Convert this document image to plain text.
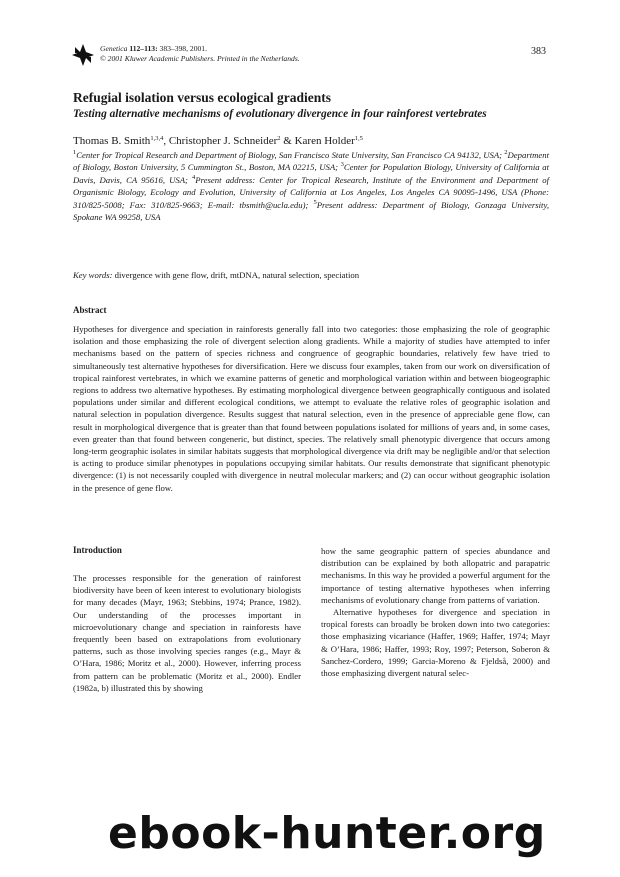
Genetica 112–113: 383–398, 2001.
© 2001 Kluwer Academic Publishers. Printed in the Netherlands.
383
Refugial isolation versus ecological gradients
Testing alternative mechanisms of evolutionary divergence in four rainforest vertebrates
Thomas B. Smith$^{1,3,4}$, Christopher J. Schneider$^2$ & Karen Holder$^{1,5}$
$^1$Center for Tropical Research and Department of Biology, San Francisco State University, San Francisco CA 94132, USA; $^2$Department of Biology, Boston University, 5 Cummington St., Boston, MA 02215, USA; $^3$Center for Population Biology, University of California at Davis, Davis, CA 95616, USA; $^4$Present address: Center for Tropical Research, Institute of the Environment and Department of Organismic Biology, Ecology and Evolution, University of California at Los Angeles, Los Angeles CA 90095-1496, USA (Phone: 310/825-5008; Fax: 310/825-9663; E-mail: tbsmith@ucla.edu); $^5$Present address: Department of Biology, Gonzaga University, Spokane WA 99258, USA
Key words: divergence with gene flow, drift, mtDNA, natural selection, speciation
Abstract

Hypotheses for divergence and speciation in rainforests generally fall into two categories: those emphasizing the role of geographic isolation and those emphasizing the role of divergent selection along gradients. While a majority of studies have attempted to infer mechanisms based on the pattern of species richness and congruence of geographic boundaries, relatively few have tried to simultaneously test alternative hypotheses for diversification. Here we discuss four examples, taken from our work on diversification of tropical rainforest vertebrates, in which we examine patterns of genetic and morphological variation within and between biogeographic regions to address two alternative hypotheses. By estimating morphological divergence between geographically contiguous and isolated populations under similar and different ecological conditions, we attempt to evaluate the relative roles of geographic isolation and natural selection in population divergence. Results suggest that natural selection, even in the presence of appreciable gene flow, can result in morphological divergence that is greater than that found between populations isolated for millions of years and, in some cases, even greater than that found between congeneric, but distinct, species. The relatively small phenotypic divergence that occurs among long-term geographic isolates in similar habitats suggests that morphological divergence via drift may be negligible and/or that selection is acting to produce similar phenotypes in populations occupying similar habitats. Our results demonstrate that significant phenotypic divergence: (1) is not necessarily coupled with divergence in neutral molecular markers; and (2) can occur without geographic isolation in the presence of gene flow.

Introduction

The processes responsible for the generation of rainforest biodiversity have been of keen interest to evolutionary biologists for many decades (Mayr, 1963; Stebbins, 1974; Prance, 1982). Our understanding of the processes important in microevolutionary change and speciation in rainforests have frequently been based on extrapolations from evolutionary patterns, such as those involving species ranges (e.g., Mayr & O’Hara, 1986; Moritz et al., 2000). However, inferring process from pattern can be problematic (Moritz et al., 2000). Endler (1982a, b) illustrated this by showing

how the same geographic pattern of species abundance and distribution can be explained by both allopatric and parapatric mechanisms. In this way he provided a powerful argument for the importance of testing alternative hypotheses when inferring mechanisms of evolutionary change from patterns of variation.

Alternative hypotheses for divergence and speciation in tropical forests can broadly be broken down into two categories: those emphasizing vicariance (Haffer, 1969; Haffer, 1974; Mayr & O’Hara, 1986; Haffer, 1993; Roy, 1997; Peterson, Soberon & Sanchez-Cordero, 1999; Garcia-Moreno & Fjeldså, 2000) and those emphasizing divergent natural selec-

ebook-hunter.org
